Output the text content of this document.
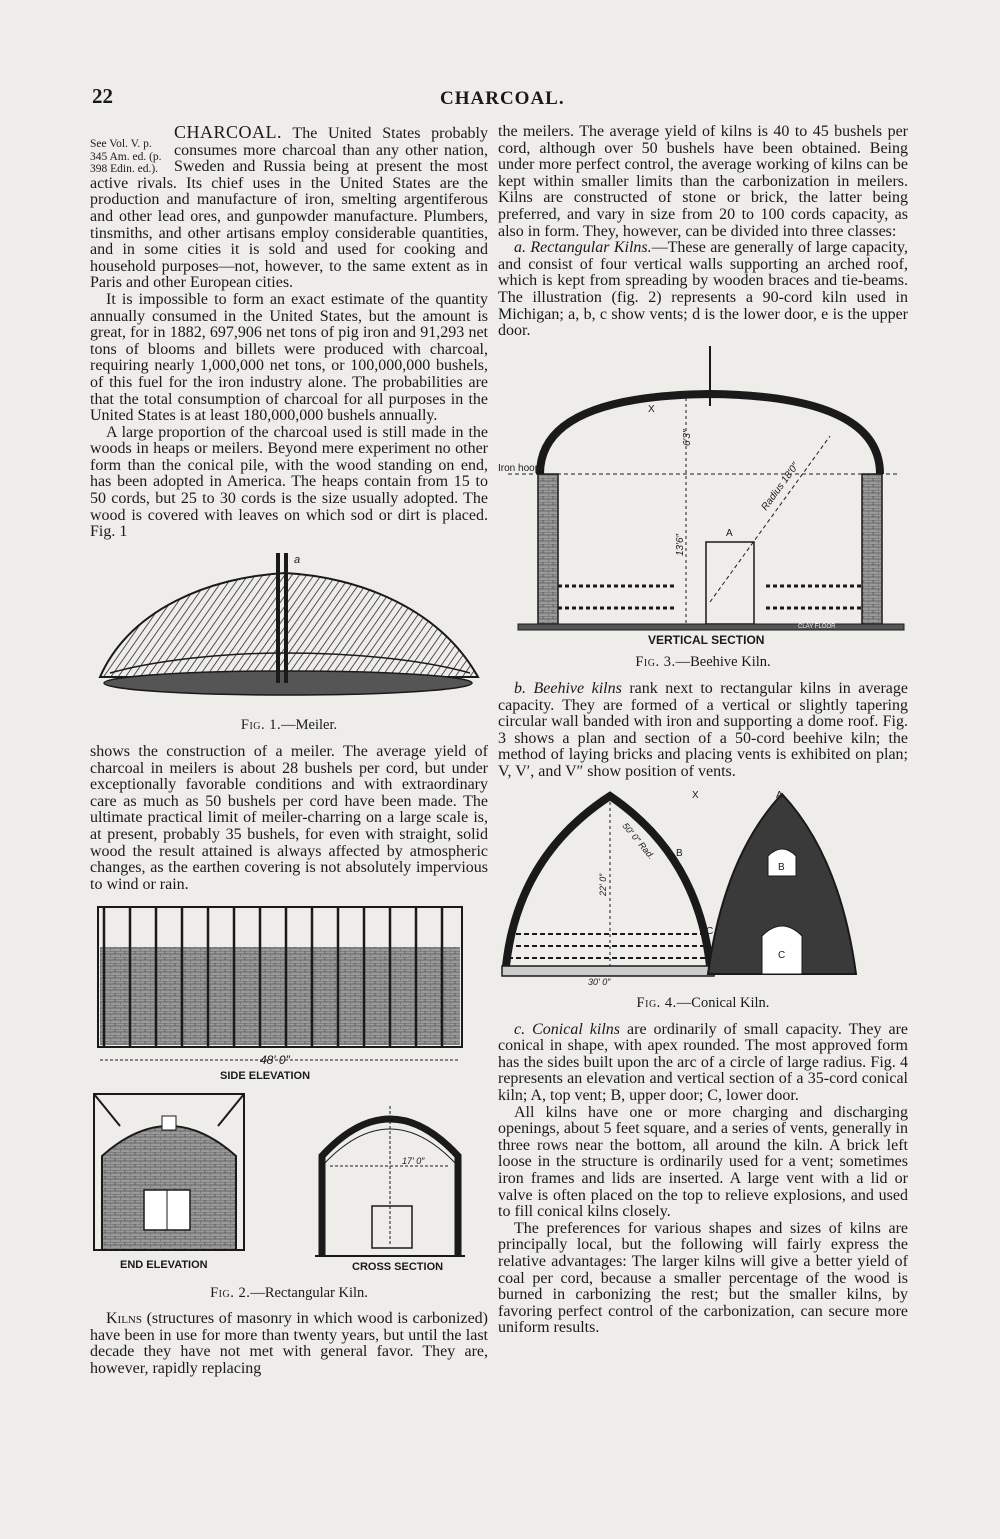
22	CHARCOAL.

See Vol. V. p. 345 Am. ed. (p. 398 Edin. ed.).
CHARCOAL. The United States probably consumes more charcoal than any other nation, Sweden and Russia being at present the most active rivals. Its chief uses in the United States are the production and manufacture of iron, smelting argentiferous and other lead ores, and gunpowder manufacture. Plumbers, tinsmiths, and other artisans employ considerable quantities, and in some cities it is sold and used for cooking and household purposes—not, however, to the same extent as in Paris and other European cities.

It is impossible to form an exact estimate of the quantity annually consumed in the United States, but the amount is great, for in 1882, 697,906 net tons of pig iron and 91,293 net tons of blooms and billets were produced with charcoal, requiring nearly 1,000,000 net tons, or 100,000,000 bushels, of this fuel for the iron industry alone. The probabilities are that the total consumption of charcoal for all purposes in the United States is at least 180,000,000 bushels annually.

A large proportion of the charcoal used is still made in the woods in heaps or meilers. Beyond mere experiment no other form than the conical pile, with the wood standing on end, has been adopted in America. The heaps contain from 15 to 50 cords, but 25 to 30 cords is the size usually adopted. The wood is covered with leaves on which sod or dirt is placed. Fig. 1

a
Fig. 1.—Meiler.

shows the construction of a meiler. The average yield of charcoal in meilers is about 28 bushels per cord, but under exceptionally favorable conditions and with extraordinary care as much as 50 bushels per cord have been made. The ultimate practical limit of meiler-charring on a large scale is, at present, probably 35 bushels, for even with straight, solid wood the result attained is always affected by atmospheric changes, as the earthen covering is not absolutely impervious to wind or rain.

48′ 0″
SIDE ELEVATION

END ELEVATION
17′ 0″
CROSS SECTION
Fig. 2.—Rectangular Kiln.

Kilns (structures of masonry in which wood is carbonized) have been in use for more than twenty years, but until the last decade they have not met with general favor. They are, however, rapidly replacing

the meilers. The average yield of kilns is 40 to 45 bushels per cord, although over 50 bushels have been obtained. Being under more perfect control, the average working of kilns can be kept within smaller limits than the carbonization in meilers. Kilns are constructed of stone or brick, the latter being preferred, and vary in size from 20 to 100 cords capacity, as also in form. They, however, can be divided into three classes:

a. Rectangular Kilns.—These are generally of large capacity, and consist of four vertical walls supporting an arched roof, which is kept from spreading by wooden braces and tie-beams. The illustration (fig. 2) represents a 90-cord kiln used in Michigan; a, b, c show vents; d is the lower door, e is the upper door.

Iron hoop
6′3″
13′6″
Radius 18′0″
A
X
CLAY FLOOR
VERTICAL SECTION
Fig. 3.—Beehive Kiln.

b. Beehive kilns rank next to rectangular kilns in average capacity. They are formed of a vertical or slightly tapering circular wall banded with iron and supporting a dome roof. Fig. 3 shows a plan and section of a 50-cord beehive kiln; the method of laying bricks and placing vents is exhibited on plan; V, V′, and V″ show position of vents.

50′ 0″ Rad.
22′ 0″
30′ 0″
B
C
X	A
B
C
Fig. 4.—Conical Kiln.

c. Conical kilns are ordinarily of small capacity. They are conical in shape, with apex rounded. The most approved form has the sides built upon the arc of a circle of large radius. Fig. 4 represents an elevation and vertical section of a 35-cord conical kiln; A, top vent; B, upper door; C, lower door.

All kilns have one or more charging and discharging openings, about 5 feet square, and a series of vents, generally in three rows near the bottom, all around the kiln. A brick left loose in the structure is ordinarily used for a vent; sometimes iron frames and lids are inserted. A large vent with a lid or valve is often placed on the top to relieve explosions, and used to fill conical kilns closely.

The preferences for various shapes and sizes of kilns are principally local, but the following will fairly express the relative advantages: The larger kilns will give a better yield of coal per cord, because a smaller percentage of the wood is burned in carbonizing the rest; but the smaller kilns, by favoring perfect control of the carbonization, can secure more uniform results.
